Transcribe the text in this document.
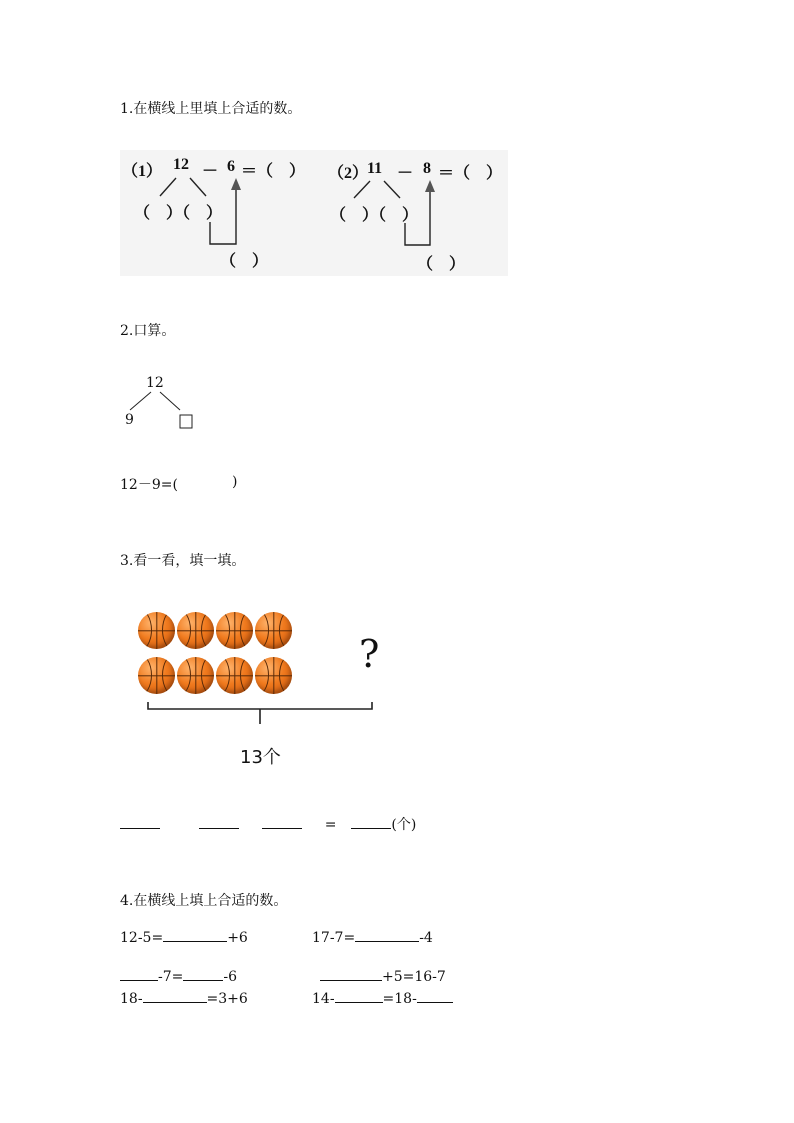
1.在横线上里填上合适的数。
（1） 12 － 6 ＝（　）
（　）（　）
（　）
（2）
11 － 8 ＝（　）
（　）（　）
（　）
2.口算。
12
9
12－9=(	)
3.看一看，填一填。
?
13个
=	(个)
4.在横线上填上合适的数。
12-5=	+6	17-7=	-4
-7=	-6	+5=16-7
18-	=3+6	14-	=18-
